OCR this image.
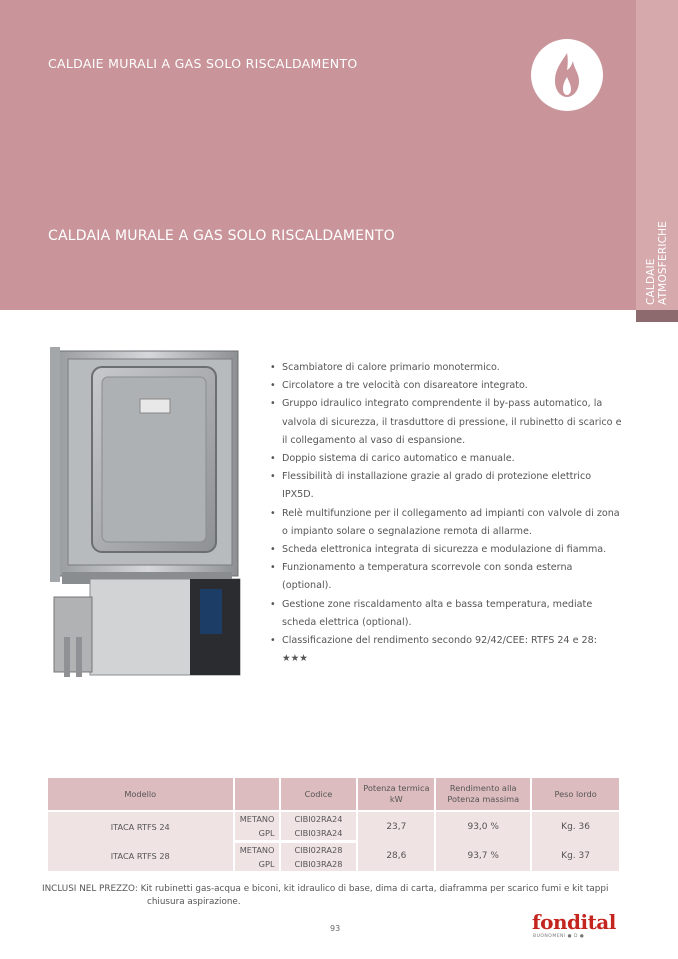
CALDAIE ATMOSFERICHE
CALDAIE MURALI A GAS SOLO RISCALDAMENTO
CALDAIA MURALE A GAS SOLO RISCALDAMENTO
• Scambiatore di calore primario monotermico.
• Circolatore a tre velocità con disareatore integrato.
• Gruppo idraulico integrato comprendente il by-pass automatico, la valvola di sicurezza, il trasduttore di pressione, il rubinetto di scarico e il collegamento al vaso di espansione.
• Doppio sistema di carico automatico e manuale.
• Flessibilità di installazione grazie al grado di protezione elettrico IPX5D.
• Relè multifunzione per il collegamento ad impianti con valvole di zona o impianto solare o segnalazione remota di allarme.
• Scheda elettronica integrata di sicurezza e modulazione di fiamma.
• Funzionamento a temperatura scorrevole con sonda esterna (optional).
• Gestione zone riscaldamento alta e bassa temperatura, mediate scheda elettrica (optional).
• Classificazione del rendimento secondo 92/42/CEE: RTFS 24 e 28: ★★★
Modello		Codice	Potenza termica kW	Rendimento alla Potenza massima	Peso lordo
ITACA RTFS 24	METANO	CIBI02RA24	23,7	93,0 %	Kg. 36
	GPL	CIBI03RA24			
ITACA RTFS 28	METANO	CIBI02RA28	28,6	93,7 %	Kg. 37
	GPL	CIBI03RA28			
INCLUSI NEL PREZZO: Kit rubinetti gas-acqua e biconi, kit idraulico di base, dima di carta, diaframma per scarico fumi e kit tappi
chiusura aspirazione.
93	fondital
BUONOMENI ● D ●
